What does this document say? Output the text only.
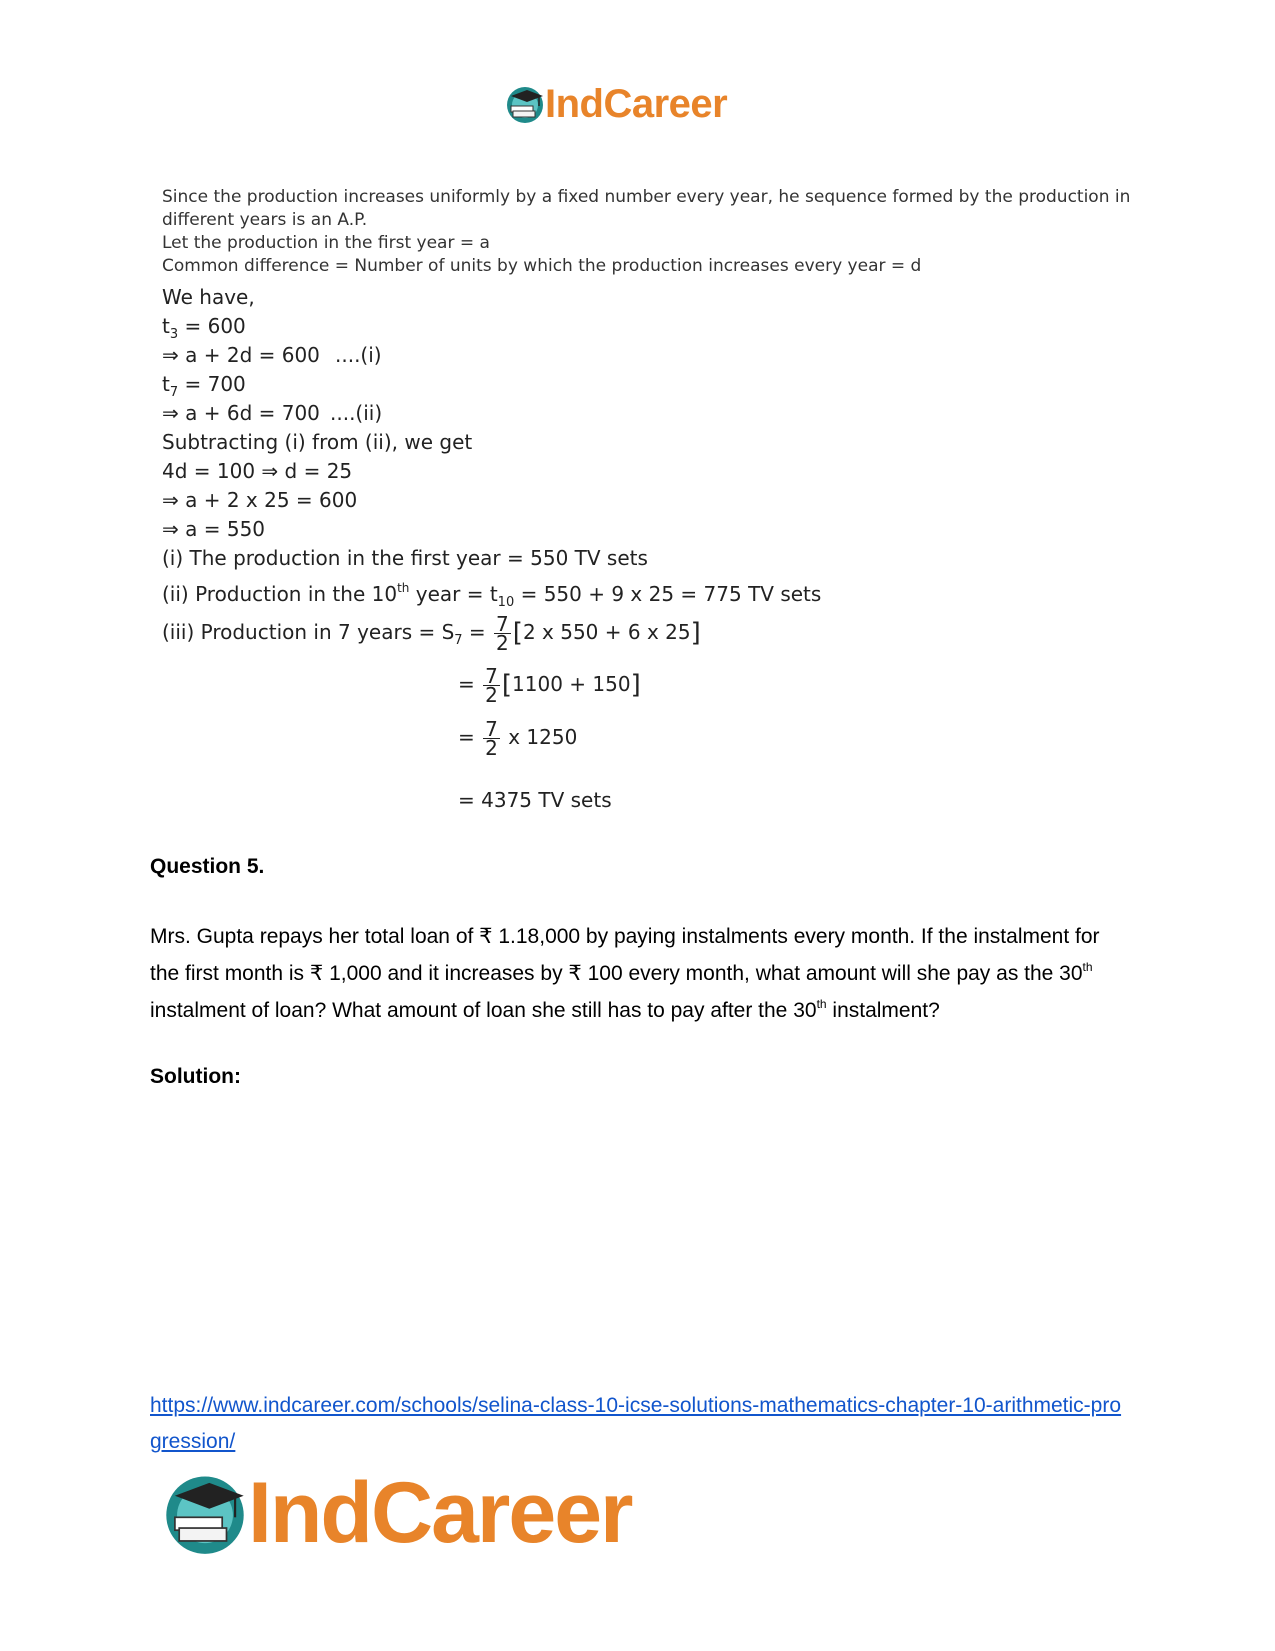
IndCareer
Since the production increases uniformly by a fixed number every year, he sequence formed by the production in
different years is an A.P.
Let the production in the first year = a
Common difference = Number of units by which the production increases every year = d
We have,
$t_3 = 600$
⇒ a + 2d = 600 ....(i)
$t_7 = 700$
⇒ a + 6d = 700 ....(ii)
Subtracting (i) from (ii), we get
4d = 100 ⇒ d = 25
⇒ a + 2 x 25 = 600
⇒ a = 550
(i) The production in the first year = 550 TV sets
(ii) Production in the 10th year = $t_{10} = 550 + 9$ x 25 = 775 TV sets
(iii) Production in 7 years = $S_7 = \frac{7}{2} [2$ x 550 + 6 x 25]
= $\frac{7}{2} [1100 + 150]$
= $\frac{7}{2}$ x 1250
= 4375 TV sets
Question 5.
Mrs. Gupta repays her total loan of ₹ 1.18,000 by paying instalments every month. If the instalment for the first month is ₹ 1,000 and it increases by ₹ 100 every month, what amount will she pay as the 30th instalment of loan? What amount of loan she still has to pay after the 30th instalment?
Solution:
https://www.indcareer.com/schools/selina-class-10-icse-solutions-mathematics-chapter-10-arithmetic-progression/
IndCareer
